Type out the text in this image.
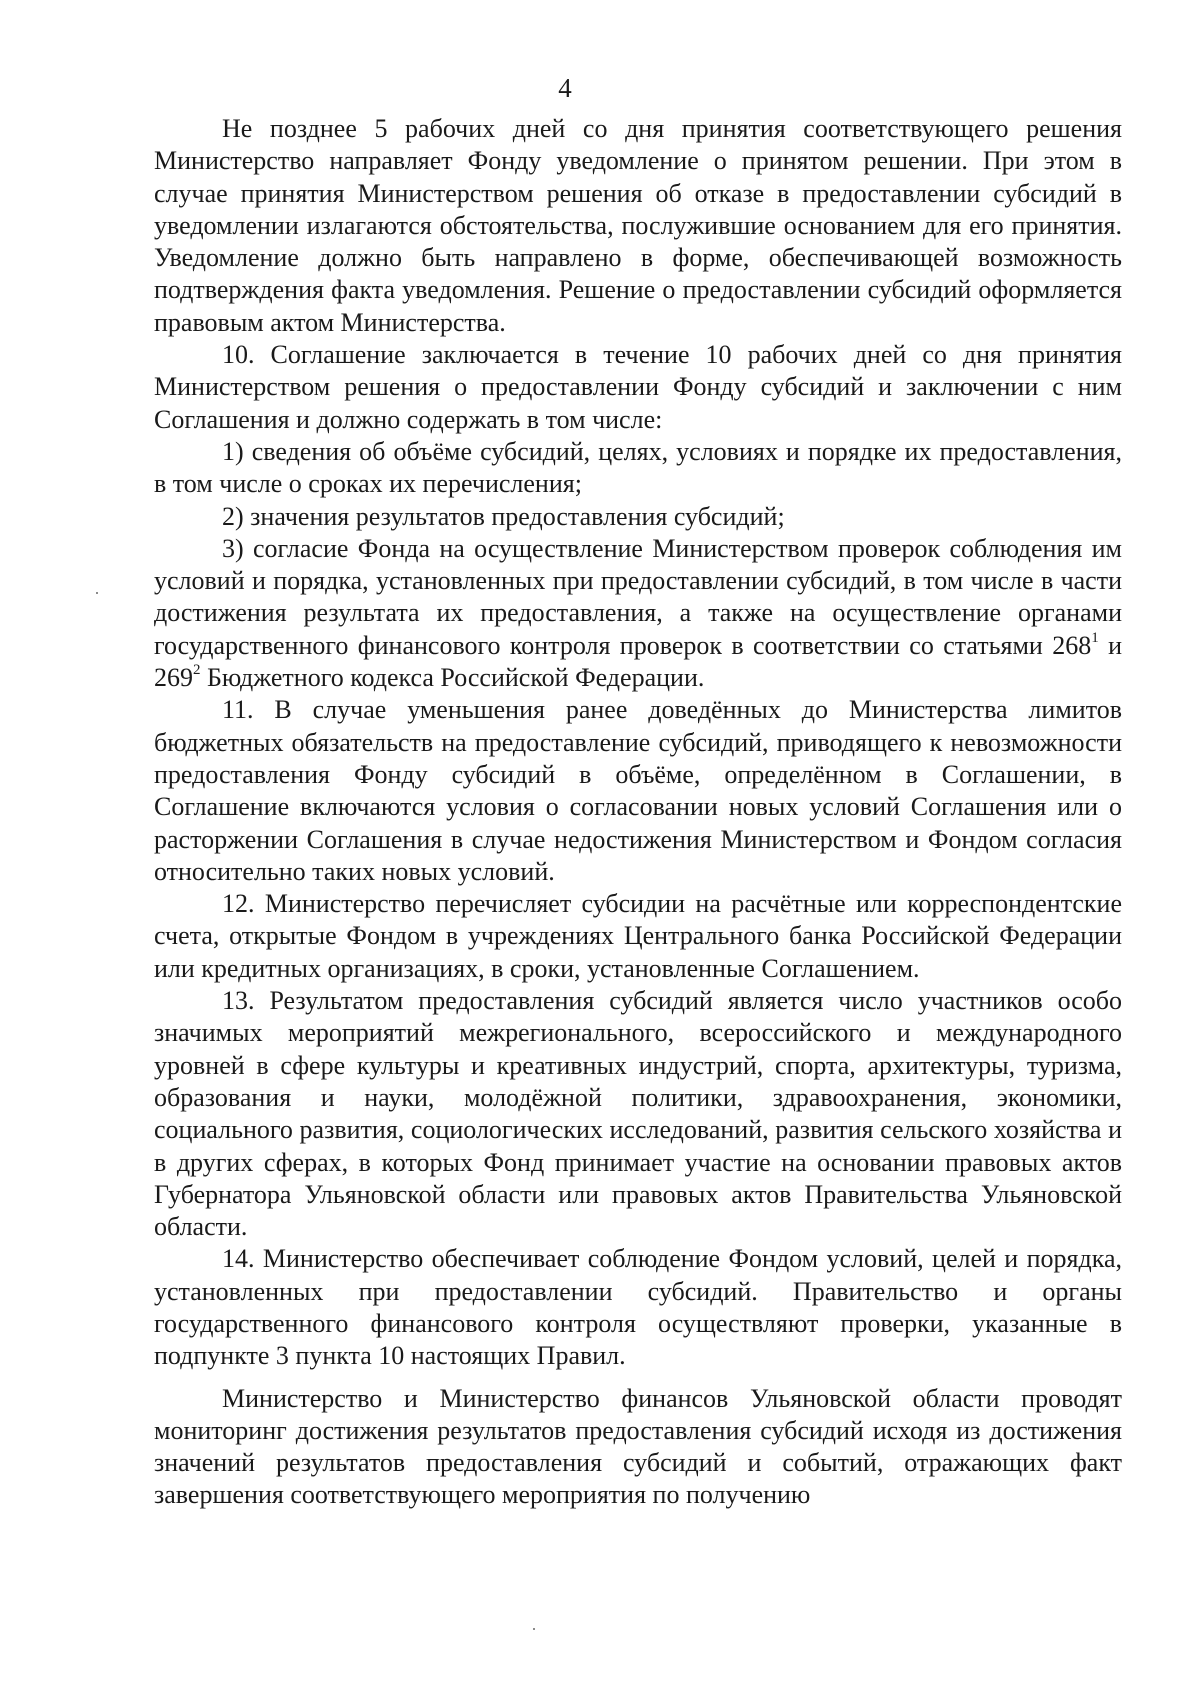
4

Не позднее 5 рабочих дней со дня принятия соответствующего решения Министерство направляет Фонду уведомление о принятом решении. При этом в случае принятия Министерством решения об отказе в предоставлении субсидий в уведомлении излагаются обстоятельства, послужившие основанием для его принятия. Уведомление должно быть направлено в форме, обеспечивающей возможность подтверждения факта уведомления. Решение о предоставлении субсидий оформляется правовым актом Министерства.

10. Соглашение заключается в течение 10 рабочих дней со дня принятия Министерством решения о предоставлении Фонду субсидий и заключении с ним Соглашения и должно содержать в том числе:

1) сведения об объёме субсидий, целях, условиях и порядке их предоставления, в том числе о сроках их перечисления;

2) значения результатов предоставления субсидий;

3) согласие Фонда на осуществление Министерством проверок соблюдения им условий и порядка, установленных при предоставлении субсидий, в том числе в части достижения результата их предоставления, а также на осуществление органами государственного финансового контроля проверок в соответствии со статьями $268^1$ и $269^2$ Бюджетного кодекса Российской Федерации.

11. В случае уменьшения ранее доведённых до Министерства лимитов бюджетных обязательств на предоставление субсидий, приводящего к невозможности предоставления Фонду субсидий в объёме, определённом в Соглашении, в Соглашение включаются условия о согласовании новых условий Соглашения или о расторжении Соглашения в случае недостижения Министерством и Фондом согласия относительно таких новых условий.

12. Министерство перечисляет субсидии на расчётные или корреспондентские счета, открытые Фондом в учреждениях Центрального банка Российской Федерации или кредитных организациях, в сроки, установленные Соглашением.

13. Результатом предоставления субсидий является число участников особо значимых мероприятий межрегионального, всероссийского и международного уровней в сфере культуры и креативных индустрий, спорта, архитектуры, туризма, образования и науки, молодёжной политики, здравоохранения, экономики, социального развития, социологических исследований, развития сельского хозяйства и в других сферах, в которых Фонд принимает участие на основании правовых актов Губернатора Ульяновской области или правовых актов Правительства Ульяновской области.

14. Министерство обеспечивает соблюдение Фондом условий, целей и порядка, установленных при предоставлении субсидий. Правительство и органы государственного финансового контроля осуществляют проверки, указанные в подпункте 3 пункта 10 настоящих Правил.

Министерство и Министерство финансов Ульяновской области проводят мониторинг достижения результатов предоставления субсидий исходя из достижения значений результатов предоставления субсидий и событий, отражающих факт завершения соответствующего мероприятия по получению
